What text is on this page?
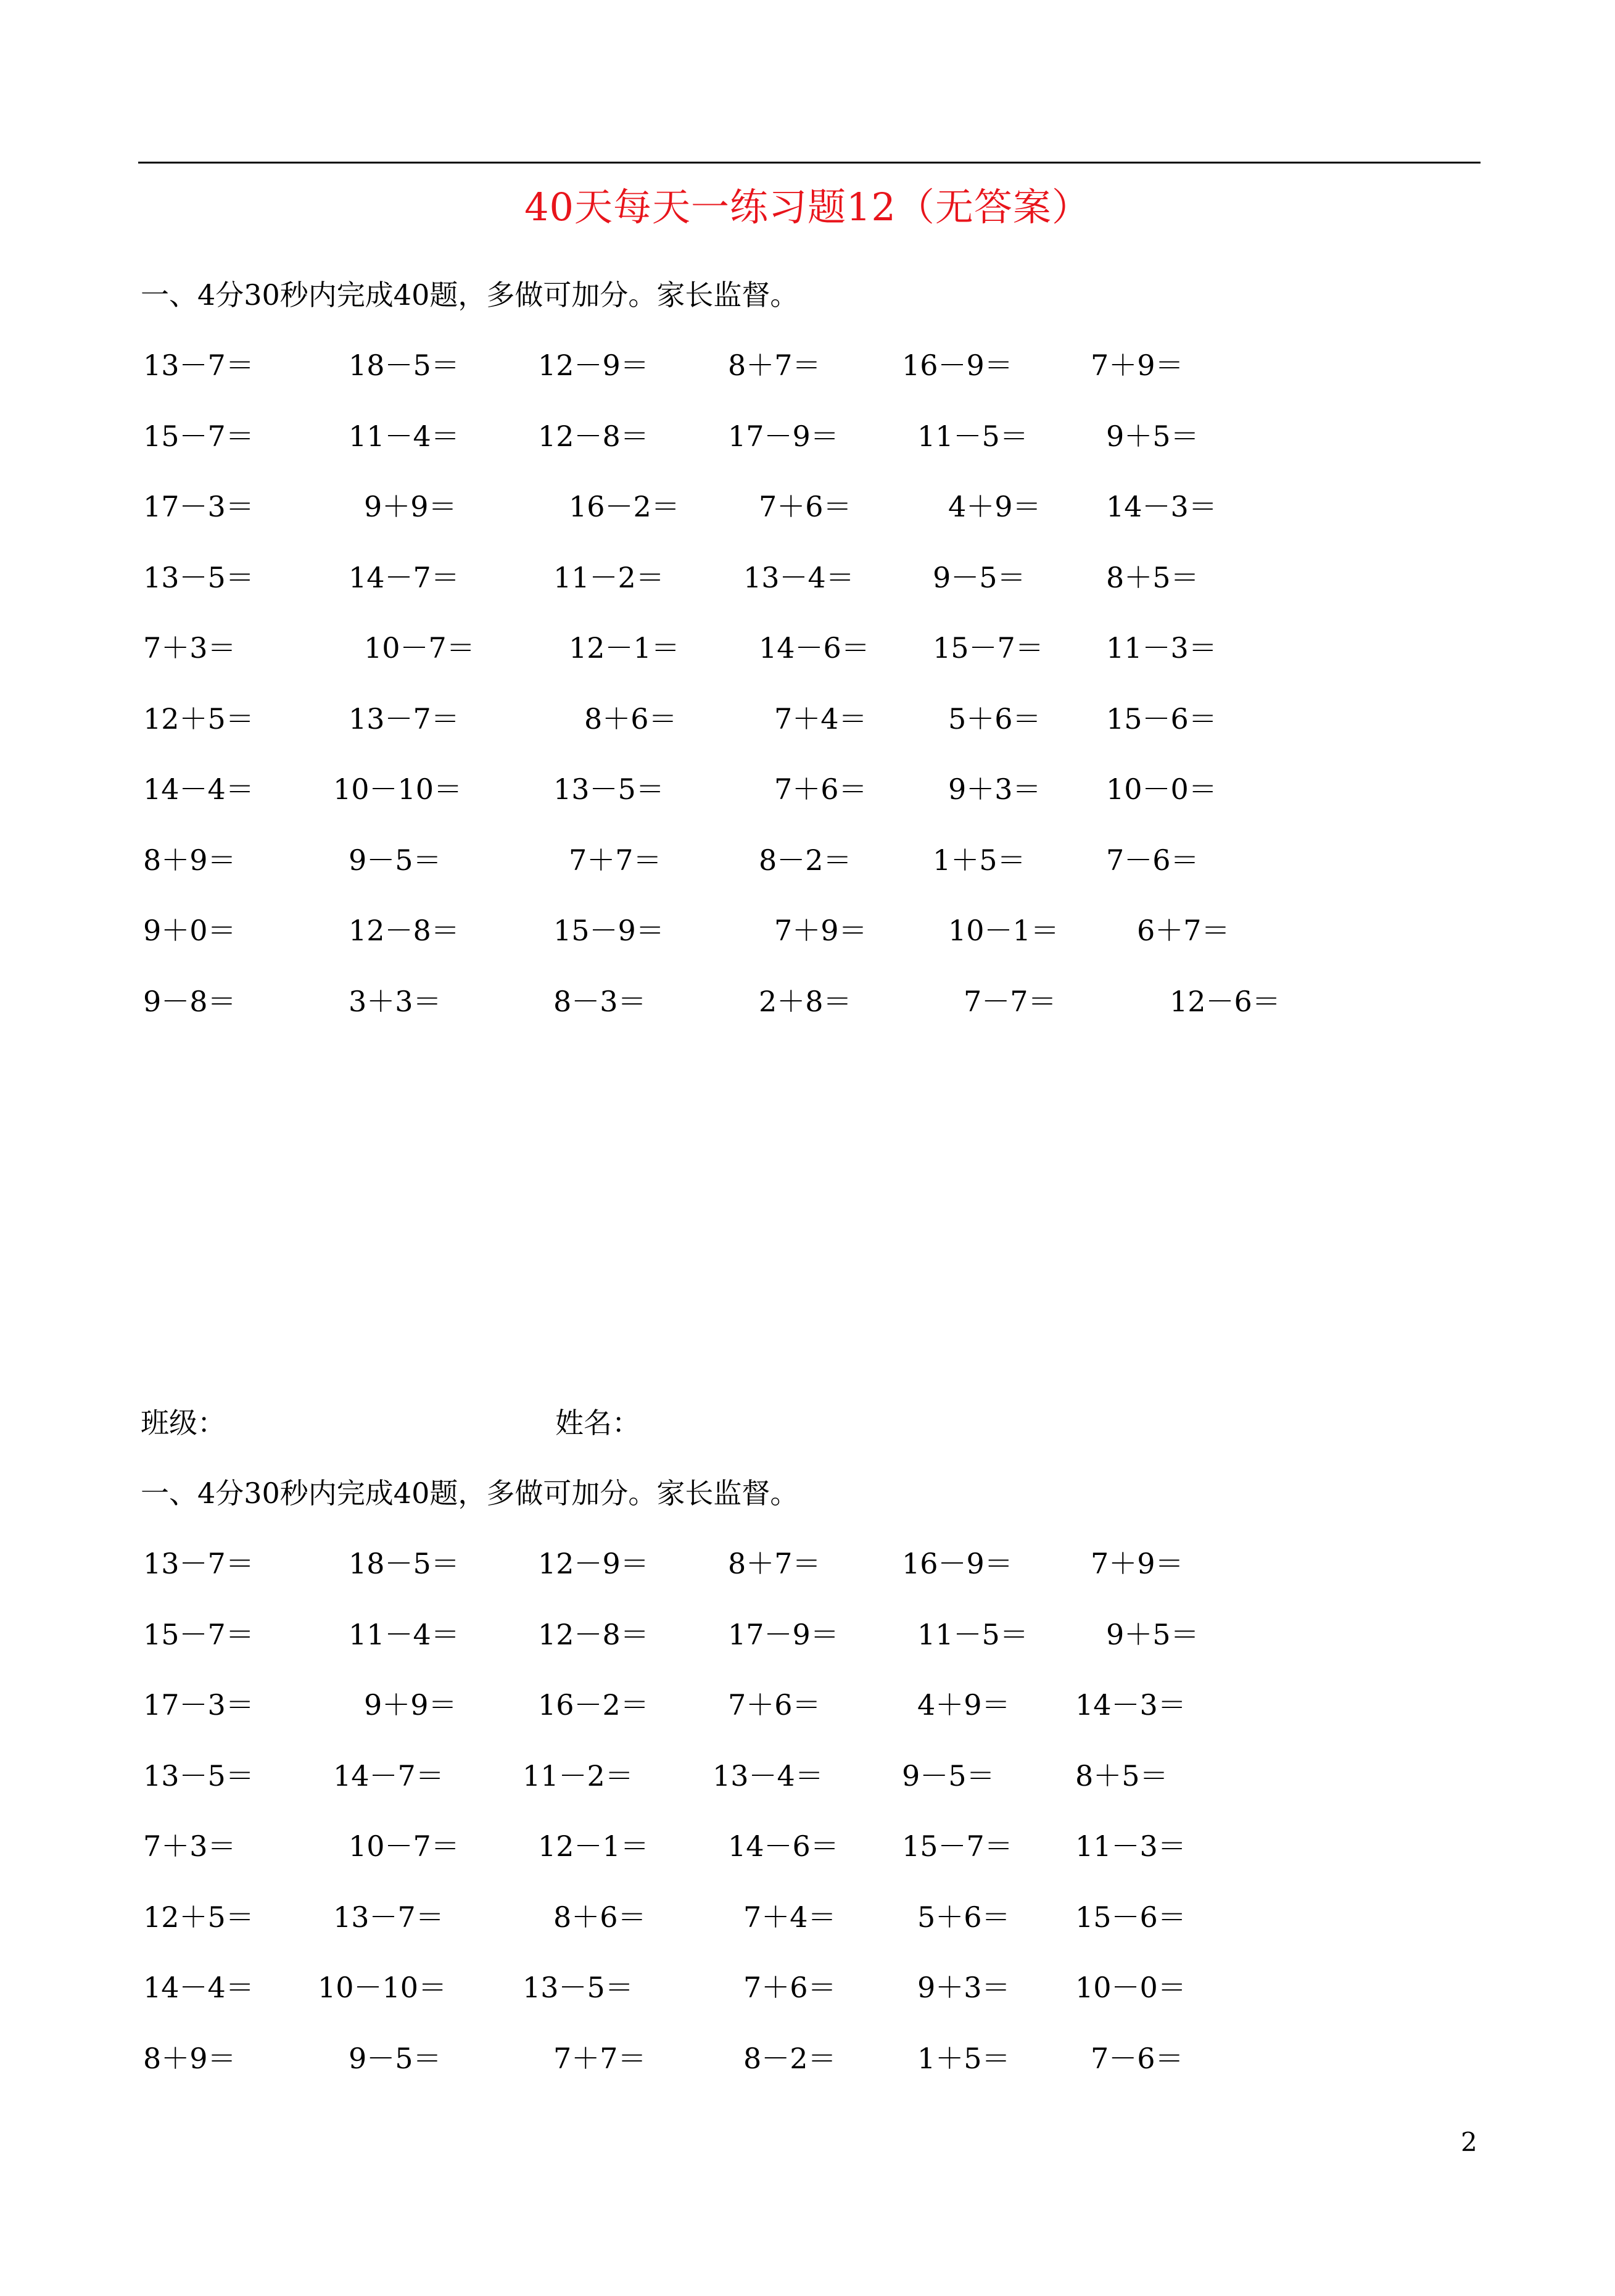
40天每天一练习题12（无答案）
一、4分30秒内完成40题，多做可加分。家长监督。
13－7＝	18－5＝	12－9＝	8＋7＝	16－9＝	7＋9＝
15－7＝	11－4＝	12－8＝	17－9＝	11－5＝	9＋5＝
17－3＝	9＋9＝	16－2＝	7＋6＝	4＋9＝ 14－3＝
13－5＝	14－7＝	11－2＝	13－4＝	9－5＝	8＋5＝
7＋3＝	10－7＝	12－1＝	14－6＝ 15－7＝ 11－3＝
12＋5＝	13－7＝	8＋6＝	7＋4＝	5＋6＝ 15－6＝
14－4＝	10－10＝	13－5＝	7＋6＝	9＋3＝ 10－0＝
8＋9＝	9－5＝	7＋7＝	8－2＝	1＋5＝	7－6＝
9＋0＝	12－8＝	15－9＝	7＋9＝	10－1＝	6＋7＝
9－8＝	3＋3＝	8－3＝	2＋8＝	7－7＝	12－6＝
班级：	姓名：
一、4分30秒内完成40题，多做可加分。家长监督。
13－7＝	18－5＝	12－9＝	8＋7＝	16－9＝	7＋9＝
15－7＝	11－4＝	12－8＝	17－9＝	11－5＝	9＋5＝
17－3＝	9＋9＝	16－2＝	7＋6＝	4＋9＝ 14－3＝
13－5＝	14－7＝	11－2＝	13－4＝	9－5＝	8＋5＝
7＋3＝	10－7＝	12－1＝	14－6＝ 15－7＝ 11－3＝
12＋5＝	13－7＝	8＋6＝	7＋4＝	5＋6＝ 15－6＝
14－4＝ 10－10＝	13－5＝	7＋6＝	9＋3＝ 10－0＝
8＋9＝	9－5＝	7＋7＝	8－2＝	1＋5＝	7－6＝
2
